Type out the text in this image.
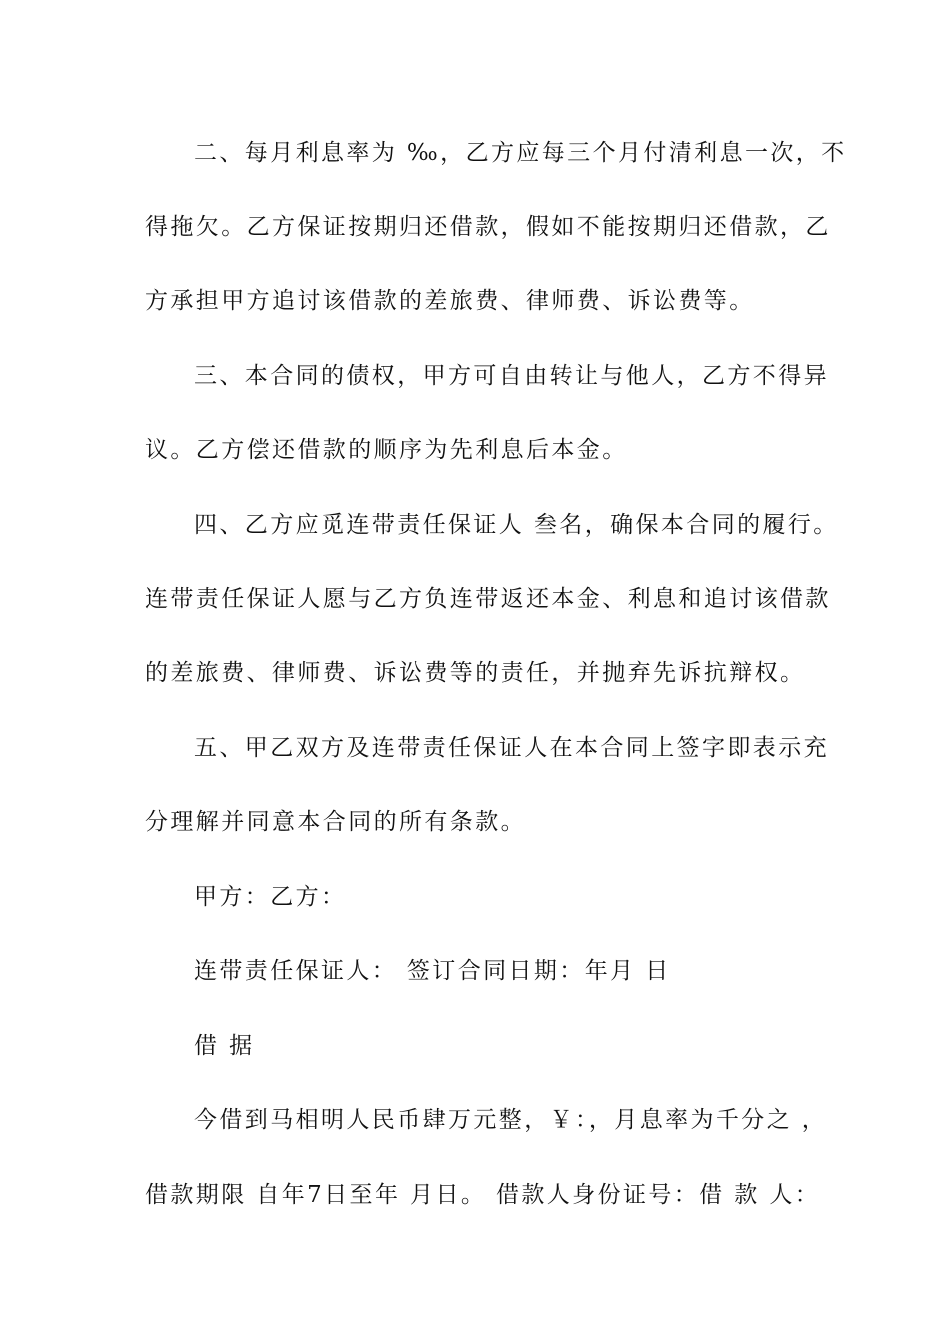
二、每月利息率为 ‰，乙方应每三个月付清利息一次，不
得拖欠。乙方保证按期归还借款，假如不能按期归还借款，乙
方承担甲方追讨该借款的差旅费、律师费、诉讼费等。
三、本合同的债权，甲方可自由转让与他人，乙方不得异
议。乙方偿还借款的顺序为先利息后本金。
四、乙方应觅连带责任保证人 叁名，确保本合同的履行。
连带责任保证人愿与乙方负连带返还本金、利息和追讨该借款
的差旅费、律师费、诉讼费等的责任，并抛弃先诉抗辩权。
五、甲乙双方及连带责任保证人在本合同上签字即表示充
分理解并同意本合同的所有条款。
甲方：乙方：
连带责任保证人： 签订合同日期：年月 日
借 据
今借到马相明人民币肆万元整，￥：，月息率为千分之 ，
借款期限 自年7日至年 月日。 借款人身份证号：借 款 人：
